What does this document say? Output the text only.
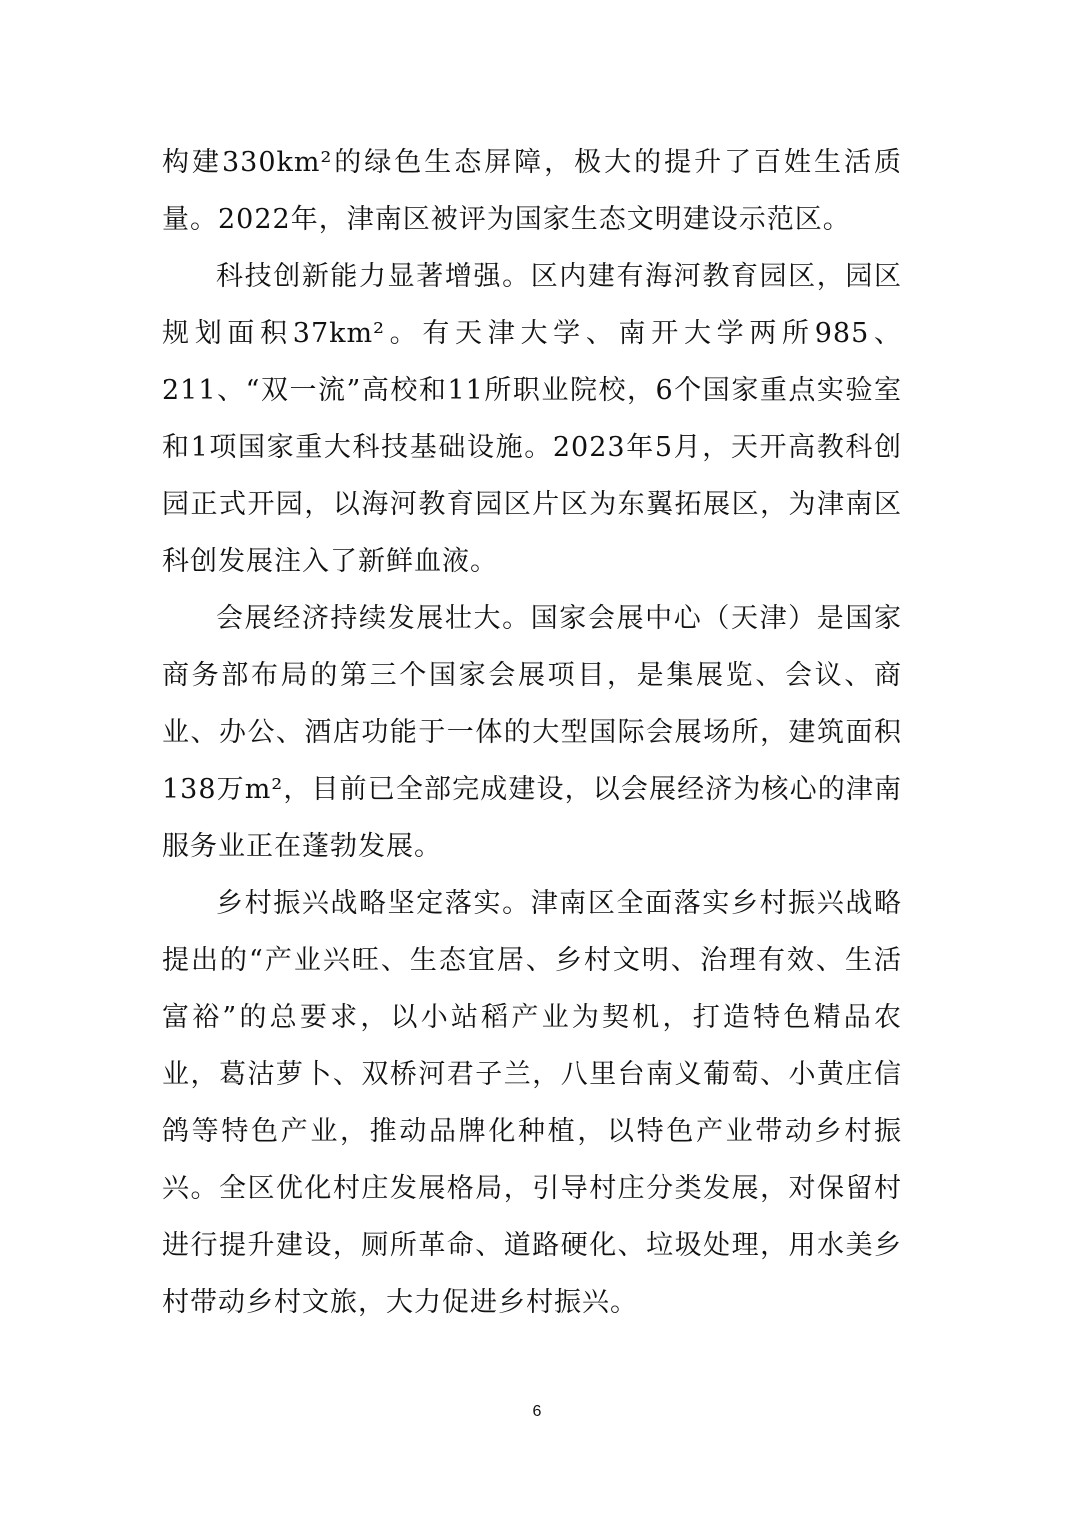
构建330km²的绿色生态屏障，极大的提升了百姓生活质量。2022年，津南区被评为国家生态文明建设示范区。

科技创新能力显著增强。区内建有海河教育园区，园区规划面积37km²。有天津大学、南开大学两所985、211、“双一流”高校和11所职业院校，6个国家重点实验室和1项国家重大科技基础设施。2023年5月，天开高教科创园正式开园，以海河教育园区片区为东翼拓展区，为津南区科创发展注入了新鲜血液。

会展经济持续发展壮大。国家会展中心（天津）是国家商务部布局的第三个国家会展项目，是集展览、会议、商业、办公、酒店功能于一体的大型国际会展场所，建筑面积138万m²，目前已全部完成建设，以会展经济为核心的津南服务业正在蓬勃发展。

乡村振兴战略坚定落实。津南区全面落实乡村振兴战略提出的“产业兴旺、生态宜居、乡村文明、治理有效、生活富裕”的总要求，以小站稻产业为契机，打造特色精品农业，葛沽萝卜、双桥河君子兰，八里台南义葡萄、小黄庄信鸽等特色产业，推动品牌化种植，以特色产业带动乡村振兴。全区优化村庄发展格局，引导村庄分类发展，对保留村进行提升建设，厕所革命、道路硬化、垃圾处理，用水美乡村带动乡村文旅，大力促进乡村振兴。

6
